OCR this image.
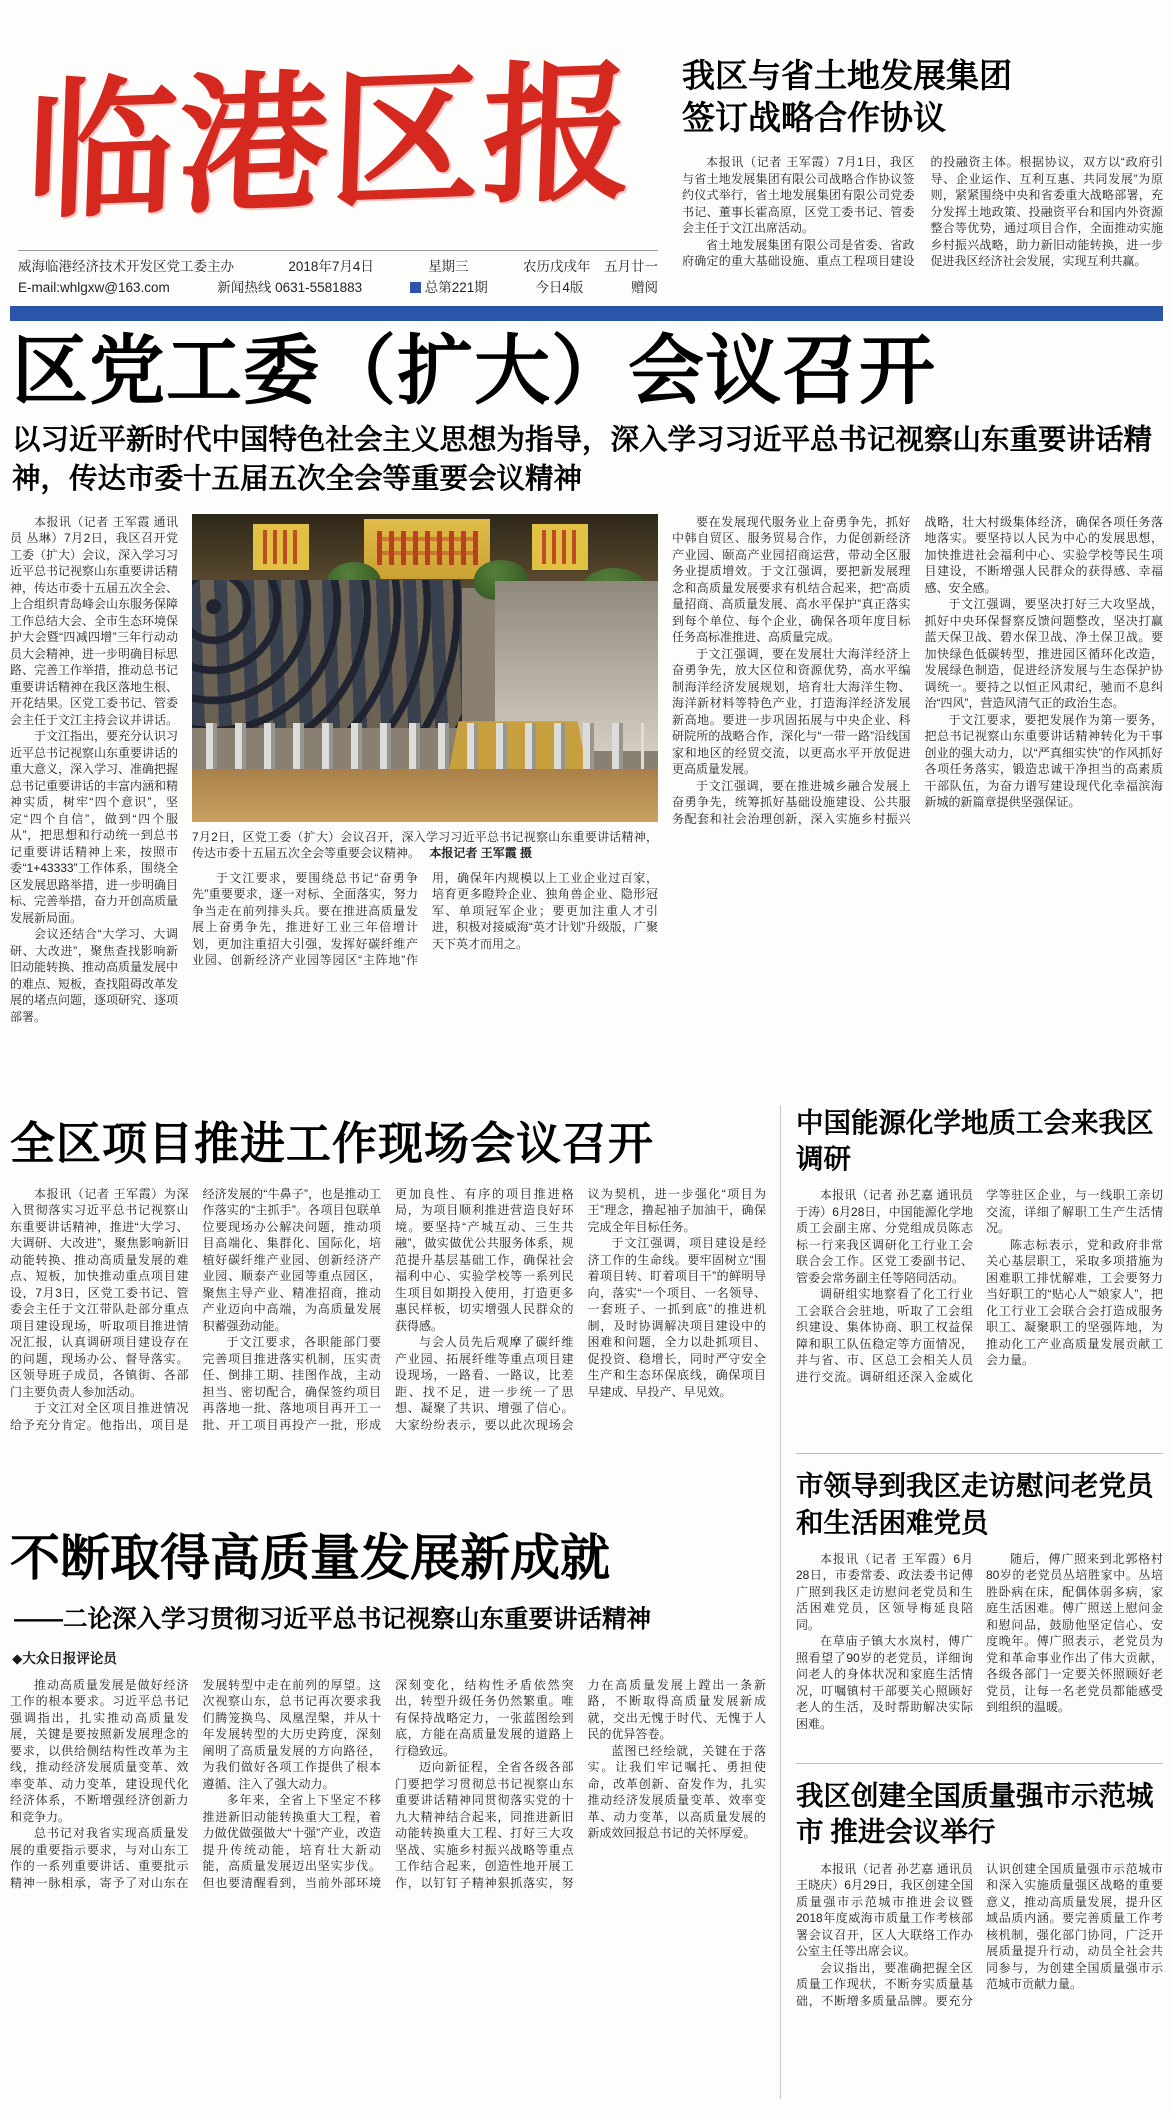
临港区报
威海临港经济技术开发区党工委主办	2018年7月4日	星期三	农历戊戌年　五月廿一
E-mail:whlgxw@163.com	新闻热线 0631-5581883	总第221期	今日4版	赠阅
我区与省土地发展集团
签订战略合作协议

本报讯（记者 王军霞）7月1日，我区与省土地发展集团有限公司战略合作协议签约仪式举行，省土地发展集团有限公司党委书记、董事长霍高原，区党工委书记、管委会主任于文江出席活动。

省土地发展集团有限公司是省委、省政府确定的重大基础设施、重点工程项目建设的投融资主体。根据协议，双方以“政府引导、企业运作、互利互惠、共同发展”为原则，紧紧围绕中央和省委重大战略部署，充分发挥土地政策、投融资平台和国内外资源整合等优势，通过项目合作，全面推动实施乡村振兴战略，助力新旧动能转换，进一步促进我区经济社会发展，实现互利共赢。

区党工委（扩大）会议召开

以习近平新时代中国特色社会主义思想为指导，深入学习习近平总书记视察山东重要讲话精神，传达市委十五届五次全会等重要会议精神

本报讯（记者 王军霞 通讯员 丛琳）7月2日，我区召开党工委（扩大）会议，深入学习习近平总书记视察山东重要讲话精神，传达市委十五届五次全会、上合组织青岛峰会山东服务保障工作总结大会、全市生态环境保护大会暨“四减四增”三年行动动员大会精神，进一步明确目标思路、完善工作举措，推动总书记重要讲话精神在我区落地生根、开花结果。区党工委书记、管委会主任于文江主持会议并讲话。

于文江指出，要充分认识习近平总书记视察山东重要讲话的重大意义，深入学习、准确把握总书记重要讲话的丰富内涵和精神实质，树牢“四个意识”，坚定“四个自信”，做到“四个服从”，把思想和行动统一到总书记重要讲话精神上来，按照市委“1+43333”工作体系，围绕全区发展思路举措，进一步明确目标、完善举措，奋力开创高质量发展新局面。

会议还结合“大学习、大调研、大改进”，聚焦查找影响新旧动能转换、推动高质量发展中的难点、短板，查找阻碍改革发展的堵点问题，逐项研究、逐项部署。

7月2日，区党工委（扩大）会议召开，深入学习习近平总书记视察山东重要讲话精神，传达市委十五届五次全会等重要会议精神。 本报记者 王军霞 摄

于文江要求，要围绕总书记“奋勇争先”重要要求，逐一对标、全面落实，努力争当走在前列排头兵。要在推进高质量发展上奋勇争先，推进好工业三年倍增计划，更加注重招大引强，发挥好碳纤维产业园、创新经济产业园等园区“主阵地”作用，确保年内规模以上工业企业过百家，培育更多瞪羚企业、独角兽企业、隐形冠军、单项冠军企业；要更加注重人才引进，积极对接威海“英才计划”升级版，广聚天下英才而用之。

要在发展现代服务业上奋勇争先，抓好中韩自贸区、服务贸易合作，力促创新经济产业园、颐高产业园招商运营，带动全区服务业提质增效。于文江强调，要把新发展理念和高质量发展要求有机结合起来，把“高质量招商、高质量发展、高水平保护”真正落实到每个单位、每个企业，确保各项年度目标任务高标准推进、高质量完成。

于文江强调，要在发展壮大海洋经济上奋勇争先，放大区位和资源优势，高水平编制海洋经济发展规划，培育壮大海洋生物、海洋新材料等特色产业，打造海洋经济发展新高地。要进一步巩固拓展与中央企业、科研院所的战略合作，深化与“一带一路”沿线国家和地区的经贸交流，以更高水平开放促进更高质量发展。

于文江强调，要在推进城乡融合发展上奋勇争先，统筹抓好基础设施建设、公共服务配套和社会治理创新，深入实施乡村振兴战略，壮大村级集体经济，确保各项任务落地落实。要坚持以人民为中心的发展思想，加快推进社会福利中心、实验学校等民生项目建设，不断增强人民群众的获得感、幸福感、安全感。

于文江强调，要坚决打好三大攻坚战，抓好中央环保督察反馈问题整改，坚决打赢蓝天保卫战、碧水保卫战、净土保卫战。要加快绿色低碳转型，推进园区循环化改造，发展绿色制造，促进经济发展与生态保护协调统一。要持之以恒正风肃纪，驰而不息纠治“四风”，营造风清气正的政治生态。

于文江要求，要把发展作为第一要务，把总书记视察山东重要讲话精神转化为干事创业的强大动力，以“严真细实快”的作风抓好各项任务落实，锻造忠诚干净担当的高素质干部队伍，为奋力谱写建设现代化幸福滨海新城的新篇章提供坚强保证。

全区项目推进工作现场会议召开

本报讯（记者 王军霞）为深入贯彻落实习近平总书记视察山东重要讲话精神，推进“大学习、大调研、大改进”，聚焦影响新旧动能转换、推动高质量发展的难点、短板，加快推动重点项目建设，7月3日，区党工委书记、管委会主任于文江带队赴部分重点项目建设现场，听取项目推进情况汇报，认真调研项目建设存在的问题，现场办公、督导落实。区领导班子成员，各镇街、各部门主要负责人参加活动。

于文江对全区项目推进情况给予充分肯定。他指出，项目是经济发展的“牛鼻子”，也是推动工作落实的“主抓手”。各项目包联单位要现场办公解决问题，推动项目高端化、集群化、国际化，培植好碳纤维产业园、创新经济产业园、顺泰产业园等重点园区，聚焦主导产业、精准招商，推动产业迈向中高端，为高质量发展积蓄强劲动能。

于文江要求，各职能部门要完善项目推进落实机制，压实责任、倒排工期、挂图作战，主动担当、密切配合，确保签约项目再落地一批、落地项目再开工一批、开工项目再投产一批，形成更加良性、有序的项目推进格局，为项目顺利推进营造良好环境。要坚持“产城互动、三生共融”，做实做优公共服务体系，规范提升基层基础工作，确保社会福利中心、实验学校等一系列民生项目如期投入使用，打造更多惠民样板，切实增强人民群众的获得感。

与会人员先后观摩了碳纤维产业园、拓展纤维等重点项目建设现场，一路看、一路议，比差距、找不足，进一步统一了思想、凝聚了共识、增强了信心。大家纷纷表示，要以此次现场会议为契机，进一步强化“项目为王”理念，撸起袖子加油干，确保完成全年目标任务。

于文江强调，项目建设是经济工作的生命线。要牢固树立“围着项目转、盯着项目干”的鲜明导向，落实“一个项目、一名领导、一套班子、一抓到底”的推进机制，及时协调解决项目建设中的困难和问题，全力以赴抓项目、促投资、稳增长，同时严守安全生产和生态环保底线，确保项目早建成、早投产、早见效。

不断取得高质量发展新成就

——二论深入学习贯彻习近平总书记视察山东重要讲话精神

◆大众日报评论员

推动高质量发展是做好经济工作的根本要求。习近平总书记强调指出，扎实推动高质量发展，关键是要按照新发展理念的要求，以供给侧结构性改革为主线，推动经济发展质量变革、效率变革、动力变革，建设现代化经济体系，不断增强经济创新力和竞争力。

总书记对我省实现高质量发展的重要指示要求，与对山东工作的一系列重要讲话、重要批示精神一脉相承，寄予了对山东在发展转型中走在前列的厚望。这次视察山东，总书记再次要求我们腾笼换鸟、凤凰涅槃，并从十年发展转型的大历史跨度，深刻阐明了高质量发展的方向路径，为我们做好各项工作提供了根本遵循、注入了强大动力。

多年来，全省上下坚定不移推进新旧动能转换重大工程，着力做优做强做大“十强”产业，改造提升传统动能，培育壮大新动能，高质量发展迈出坚实步伐。但也要清醒看到，当前外部环境深刻变化，结构性矛盾依然突出，转型升级任务仍然繁重。唯有保持战略定力，一张蓝图绘到底，方能在高质量发展的道路上行稳致远。

迈向新征程，全省各级各部门要把学习贯彻总书记视察山东重要讲话精神同贯彻落实党的十九大精神结合起来，同推进新旧动能转换重大工程、打好三大攻坚战、实施乡村振兴战略等重点工作结合起来，创造性地开展工作，以钉钉子精神狠抓落实，努力在高质量发展上蹚出一条新路，不断取得高质量发展新成就，交出无愧于时代、无愧于人民的优异答卷。

蓝图已经绘就，关键在于落实。让我们牢记嘱托、勇担使命，改革创新、奋发作为，扎实推动经济发展质量变革、效率变革、动力变革，以高质量发展的新成效回报总书记的关怀厚爱。

中国能源化学地质工会来我区调研

本报讯（记者 孙艺嘉 通讯员 于涛）6月28日，中国能源化学地质工会副主席、分党组成员陈志标一行来我区调研化工行业工会联合会工作。区党工委副书记、管委会常务副主任等陪同活动。

调研组实地察看了化工行业工会联合会驻地，听取了工会组织建设、集体协商、职工权益保障和职工队伍稳定等方面情况，并与省、市、区总工会相关人员进行交流。调研组还深入金威化学等驻区企业，与一线职工亲切交流，详细了解职工生产生活情况。

陈志标表示，党和政府非常关心基层职工，采取多项措施为困难职工排忧解难，工会要努力当好职工的“贴心人”“娘家人”，把化工行业工会联合会打造成服务职工、凝聚职工的坚强阵地，为推动化工产业高质量发展贡献工会力量。

市领导到我区走访慰问老党员 和生活困难党员

本报讯（记者 王军霞）6月28日，市委常委、政法委书记傅广照到我区走访慰问老党员和生活困难党员，区领导梅延良陪同。

在草庙子镇大水岚村，傅广照看望了90岁的老党员，详细询问老人的身体状况和家庭生活情况，叮嘱镇村干部要关心照顾好老人的生活，及时帮助解决实际困难。

随后，傅广照来到北郭格村80岁的老党员丛培胜家中。丛培胜卧病在床，配偶体弱多病，家庭生活困难。傅广照送上慰问金和慰问品，鼓励他坚定信心、安度晚年。傅广照表示，老党员为党和革命事业作出了伟大贡献，各级各部门一定要关怀照顾好老党员，让每一名老党员都能感受到组织的温暖。

我区创建全国质量强市示范城市 推进会议举行

本报讯（记者 孙艺嘉 通讯员 王晓庆）6月29日，我区创建全国质量强市示范城市推进会议暨2018年度威海市质量工作考核部署会议召开，区人大联络工作办公室主任等出席会议。

会议指出，要准确把握全区质量工作现状，不断夯实质量基础，不断增多质量品牌。要充分认识创建全国质量强市示范城市和深入实施质量强区战略的重要意义，推动高质量发展，提升区域品质内涵。要完善质量工作考核机制，强化部门协同，广泛开展质量提升行动，动员全社会共同参与，为创建全国质量强市示范城市贡献力量。
